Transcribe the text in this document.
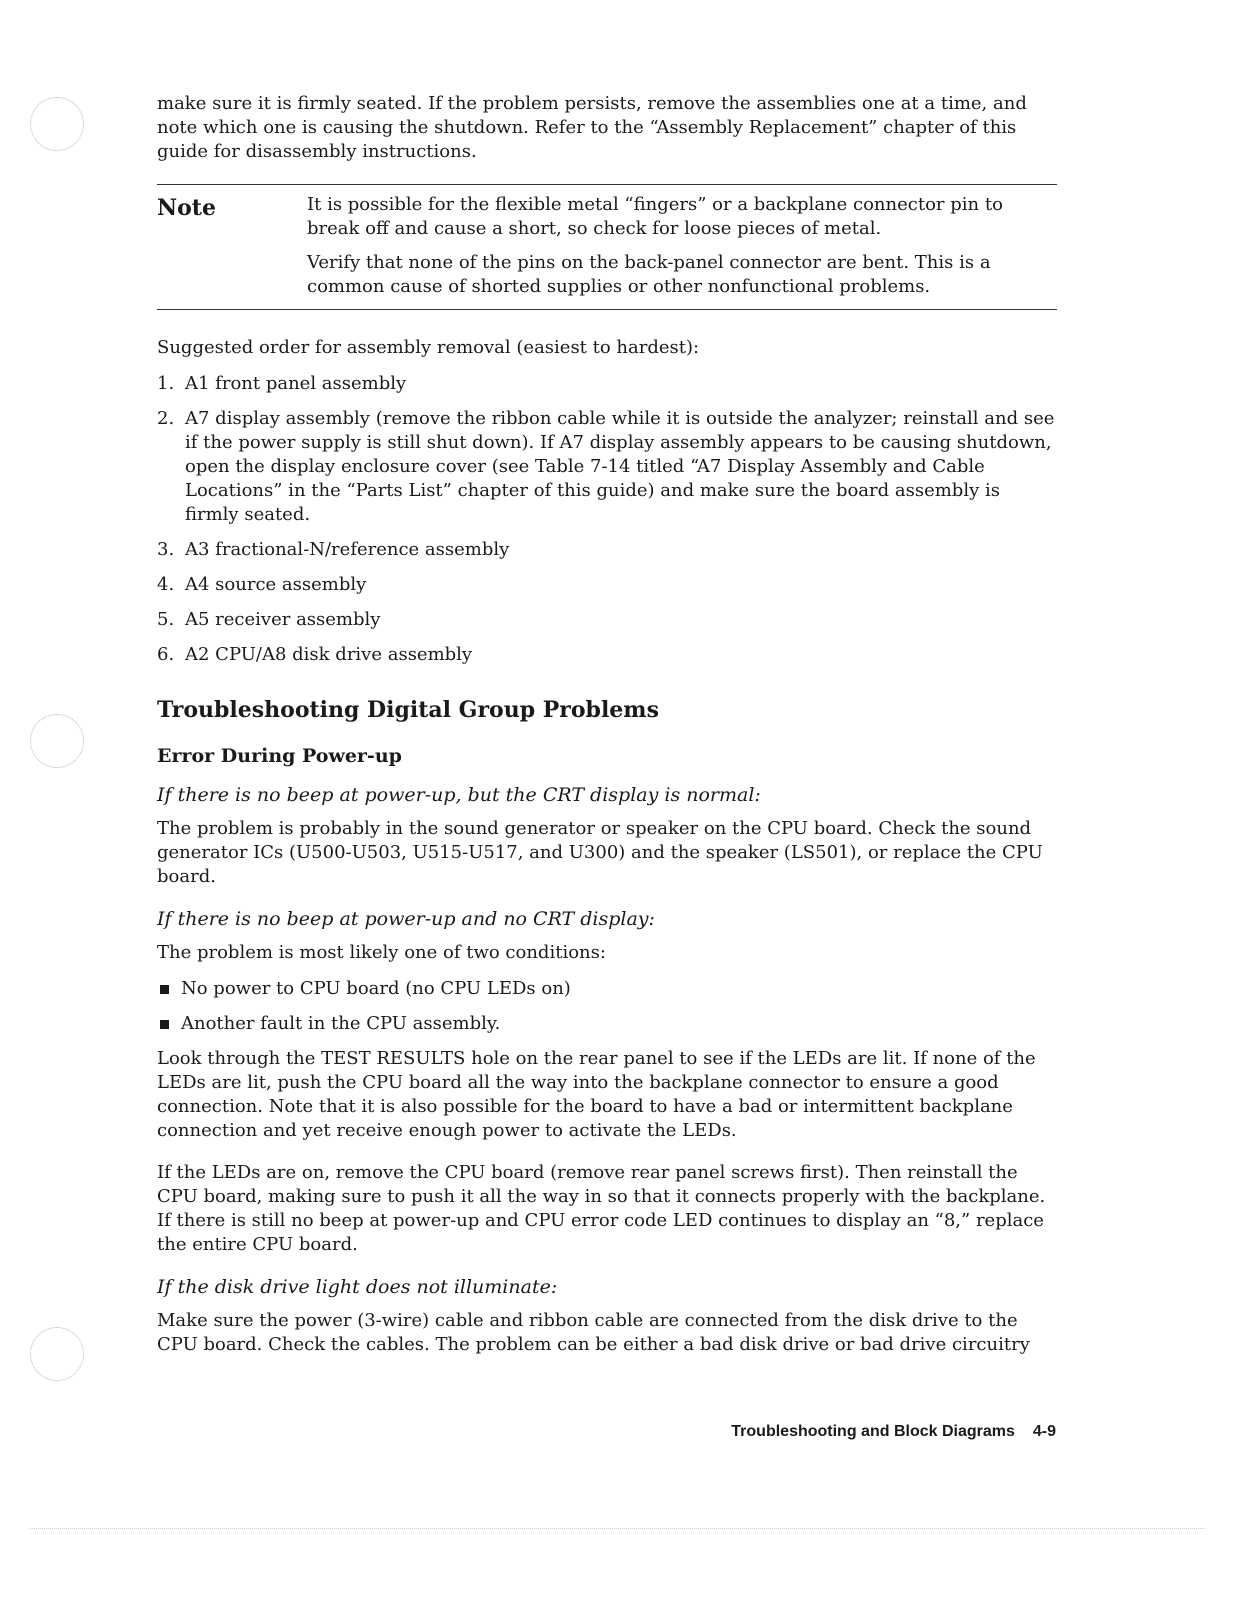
make sure it is firmly seated. If the problem persists, remove the assemblies one at a time, and note which one is causing the shutdown. Refer to the “Assembly Replacement” chapter of this guide for disassembly instructions.

Note	It is possible for the flexible metal “fingers” or a backplane connector pin to break off and cause a short, so check for loose pieces of metal.

Verify that none of the pins on the back-panel connector are bent. This is a common cause of shorted supplies or other nonfunctional problems.

Suggested order for assembly removal (easiest to hardest):

1. A1 front panel assembly
2. A7 display assembly (remove the ribbon cable while it is outside the analyzer; reinstall and see if the power supply is still shut down). If A7 display assembly appears to be causing shutdown, open the display enclosure cover (see Table 7-14 titled “A7 Display Assembly and Cable Locations” in the “Parts List” chapter of this guide) and make sure the board assembly is firmly seated.
3. A3 fractional-N/reference assembly
4. A4 source assembly
5. A5 receiver assembly
6. A2 CPU/A8 disk drive assembly
Troubleshooting Digital Group Problems
Error During Power-up

If there is no beep at power-up, but the CRT display is normal:

The problem is probably in the sound generator or speaker on the CPU board. Check the sound generator ICs (U500-U503, U515-U517, and U300) and the speaker (LS501), or replace the CPU board.

If there is no beep at power-up and no CRT display:

The problem is most likely one of two conditions:

No power to CPU board (no CPU LEDs on)
Another fault in the CPU assembly.

Look through the TEST RESULTS hole on the rear panel to see if the LEDs are lit. If none of the LEDs are lit, push the CPU board all the way into the backplane connector to ensure a good connection. Note that it is also possible for the board to have a bad or intermittent backplane connection and yet receive enough power to activate the LEDs.

If the LEDs are on, remove the CPU board (remove rear panel screws first). Then reinstall the CPU board, making sure to push it all the way in so that it connects properly with the backplane. If there is still no beep at power-up and CPU error code LED continues to display an “8,” replace the entire CPU board.

If the disk drive light does not illuminate:

Make sure the power (3-wire) cable and ribbon cable are connected from the disk drive to the CPU board. Check the cables. The problem can be either a bad disk drive or bad drive circuitry

Troubleshooting and Block Diagrams 4-9
